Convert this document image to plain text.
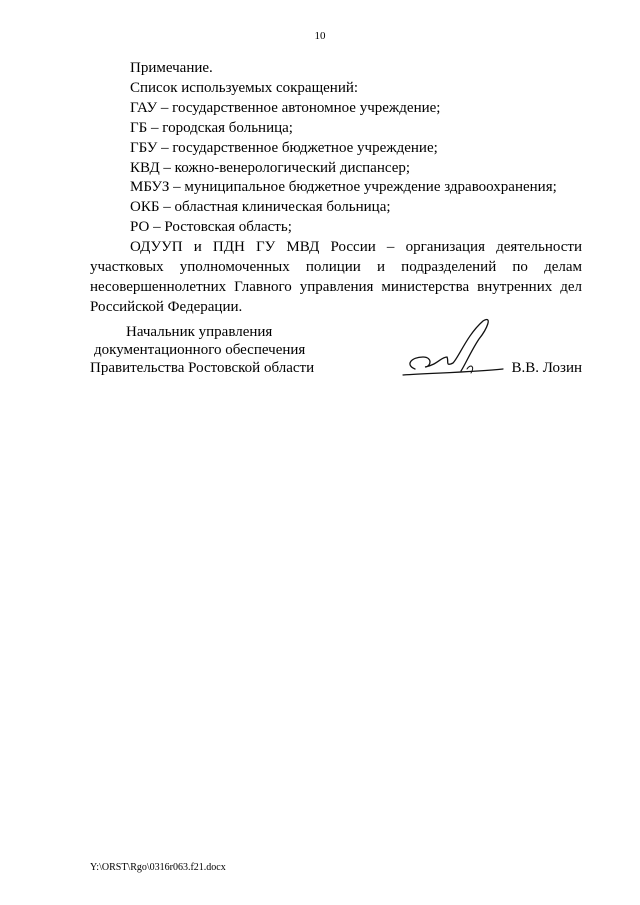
10
Примечание.
Список используемых сокращений:
ГАУ – государственное автономное учреждение;
ГБ – городская больница;
ГБУ – государственное бюджетное учреждение;
КВД – кожно-венерологический диспансер;
МБУЗ – муниципальное бюджетное учреждение здравоохранения;
ОКБ – областная клиническая больница;
РО – Ростовская область;
ОДУУП и ПДН ГУ МВД России – организация деятельности участковых уполномоченных полиции и подразделений по делам несовершеннолетних Главного управления министерства внутренних дел Российской Федерации.
Начальник управления
документационного обеспечения
Правительства Ростовской области	В.В. Лозин
Y:\ORST\Rgo\0316r063.f21.docx
